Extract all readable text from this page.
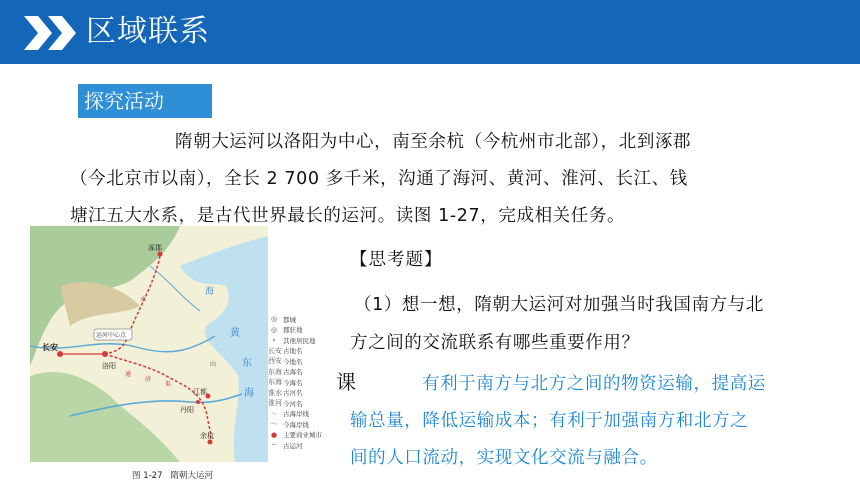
区域联系
探究活动
隋朝大运河以洛阳为中心，南至余杭（今杭州市北部），北到涿郡
（今北京市以南），全长 2 700 多千米，沟通了海河、黄河、淮河、长江、钱
塘江五大水系，是古代世界最长的运河。读图 1-27，完成相关任务。
运河中心点
涿郡
长安
洛阳
江都
丹阳
余杭
黄
东
海
海
通
济
渠
永
山
◎ 都城
◎ 郡驻地
∘	其他居民地
长安 古地名
西安 今地名
东海 古海名
东海 今海名
淮水 古河名
淮河 今河名
～ 古海岸线
～ 今海岸线
● 主要商业城市
┄	古运河
图 1-27 隋朝大运河
【思考题】
（1）想一想，隋朝大运河对加强当时我国南方与北
方之间的交流联系有哪些重要作用？
课	有利于南方与北方之间的物资运输，提高运
输总量，降低运输成本；有利于加强南方和北方之
间的人口流动，实现文化交流与融合。
